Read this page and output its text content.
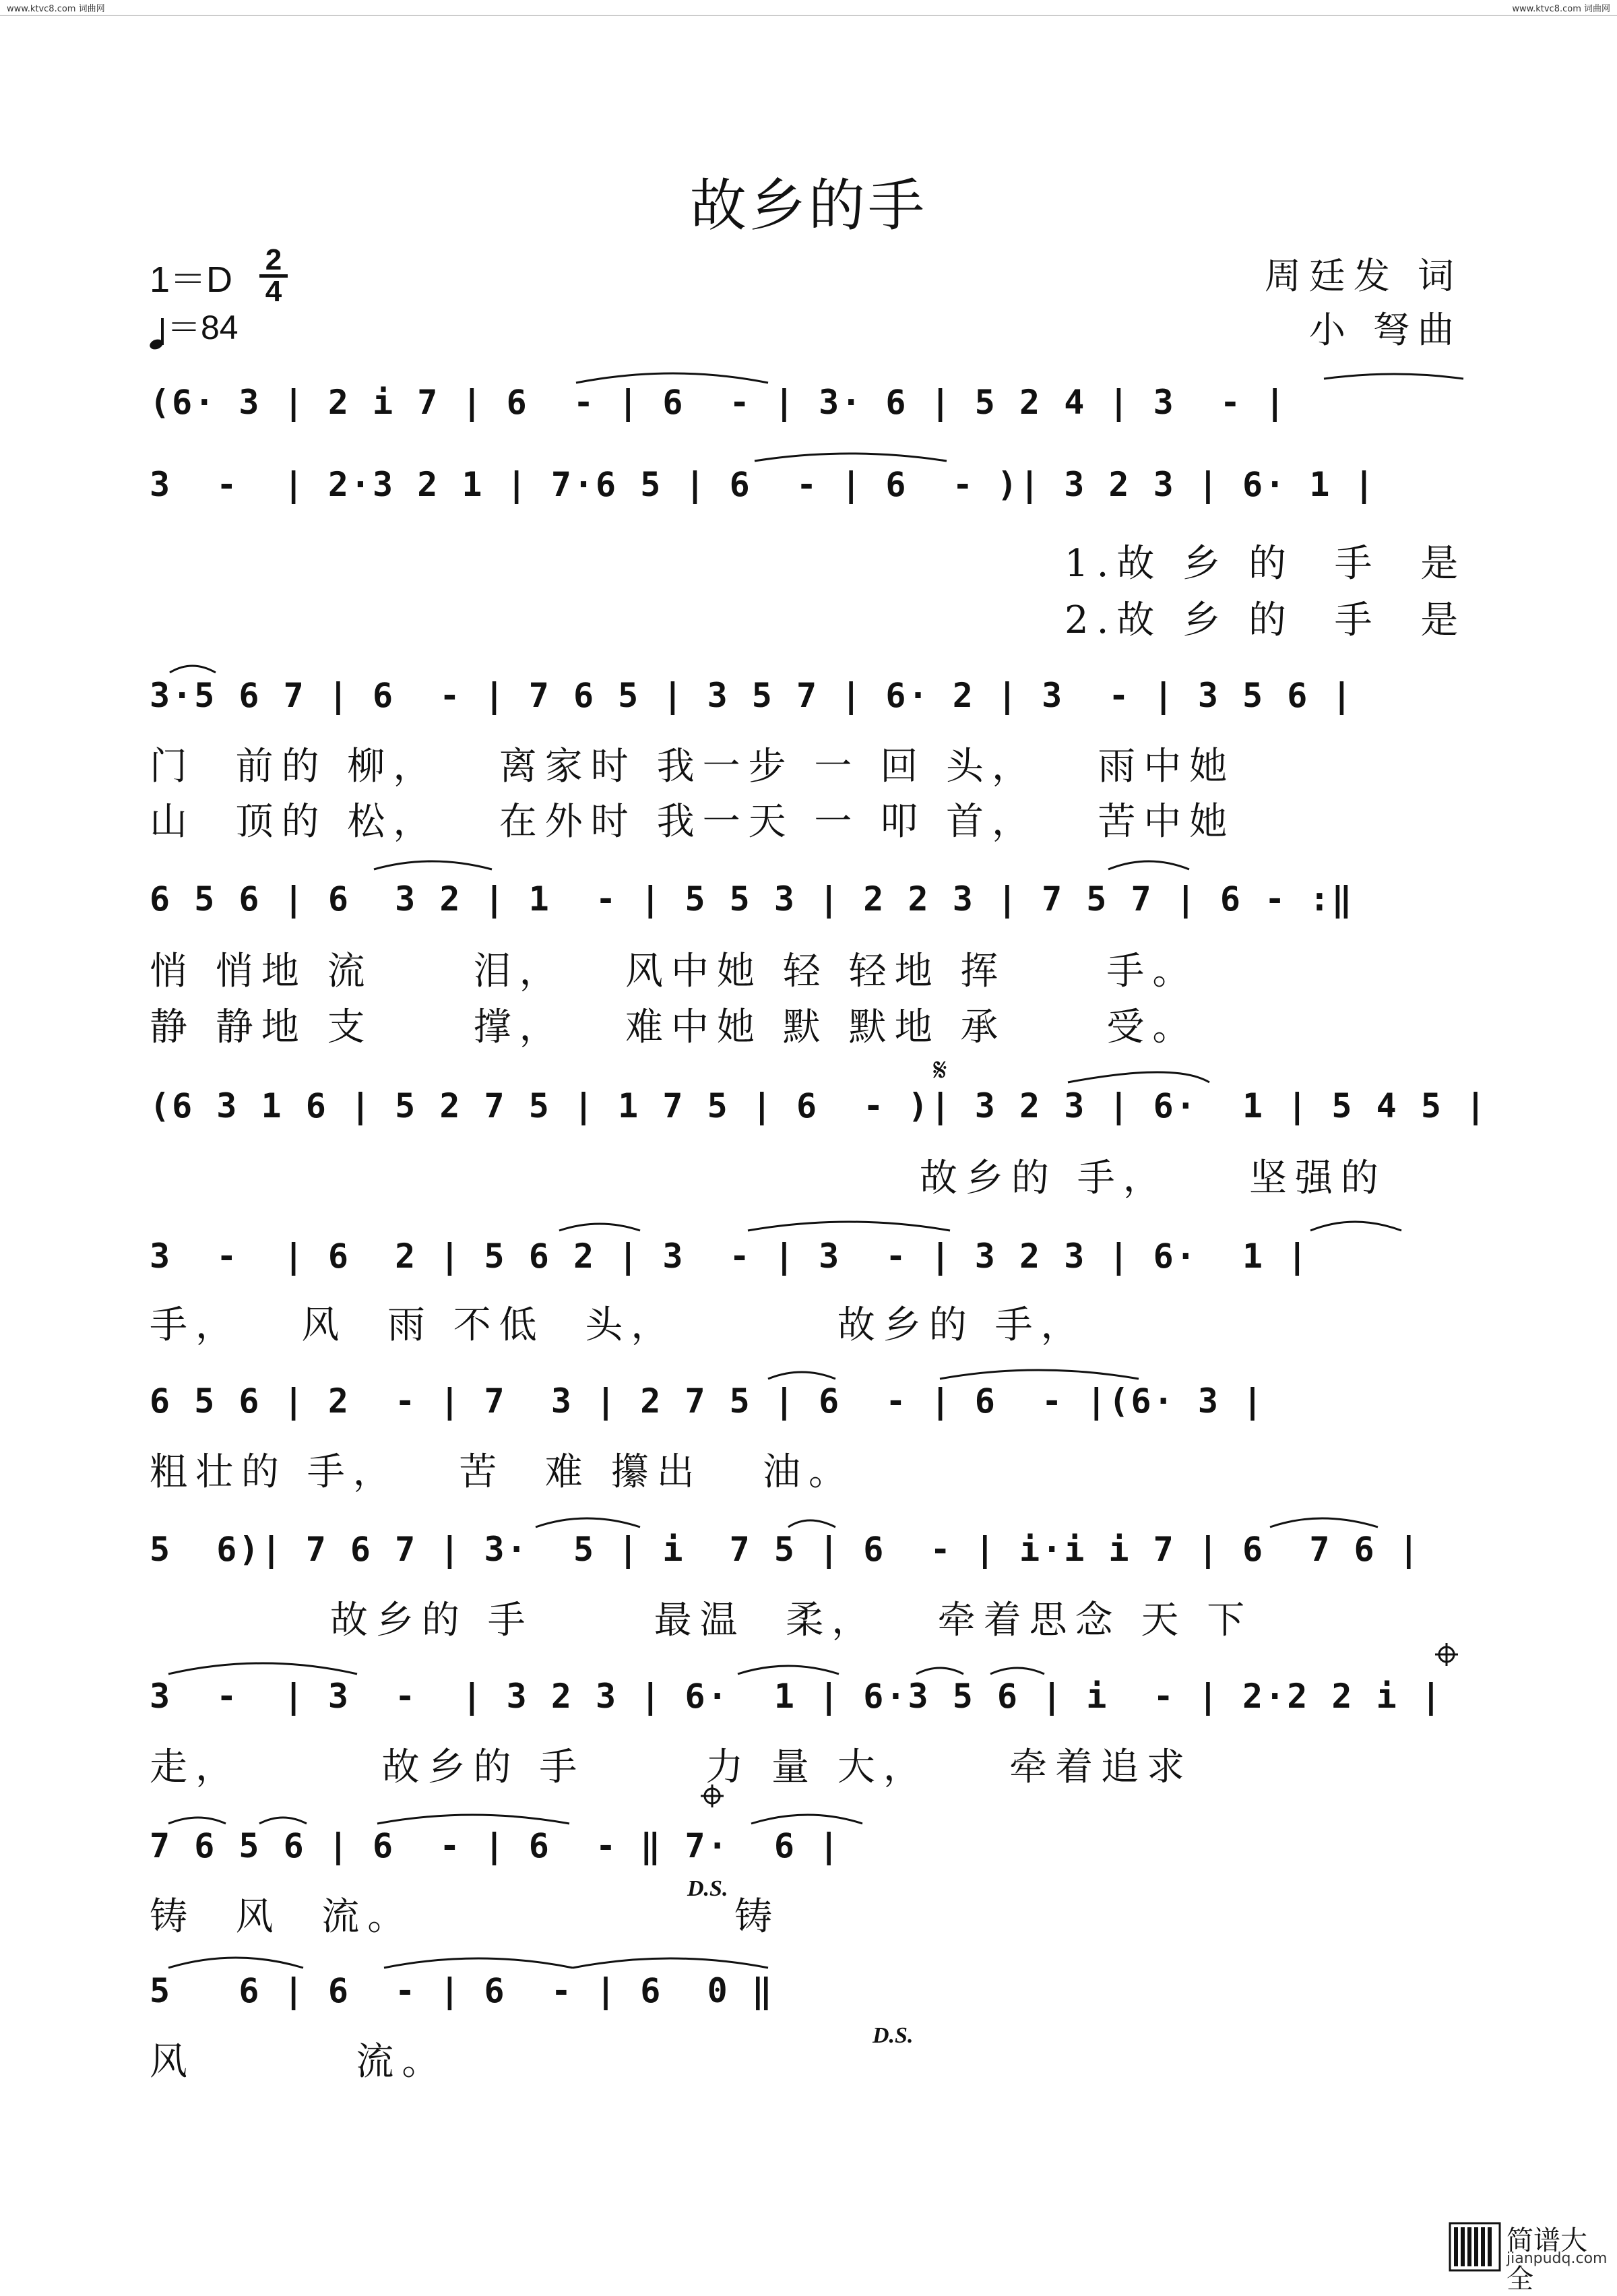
www.ktvc8.com 词曲网	www.ktvc8.com 词曲网
故乡的手
1＝D 2
4
＝84
周廷发 词
小 弩曲
(6· 3 | 2 i 7 | 6  - | 6  - | 3· 6 | 5 2 4 | 3  - |
3  -  | 2·3 2 1 | 7·6 5 | 6  - | 6  - )| 3 2 3 | 6· 1 |
1.故 乡 的  手  是
2.故 乡 的  手  是
3·5 6 7 | 6  - | 7 6 5 | 3 5 7 | 6· 2 | 3  - | 3 5 6 |
门  前的 柳，   离家时 我一步 一 回 头，   雨中她
山  顶的 松，   在外时 我一天 一 叩 首，   苦中她
6 5 6 | 6  3 2 | 1  - | 5 5 3 | 2 2 3 | 7 5 7 | 6 - :‖
悄 悄地 流     泪，   风中她 轻 轻地 挥     手。
静 静地 支     撑，   难中她 默 默地 承     受。
(6 3 1 6 | 5 2 7 5 | 1 7 5 | 6  - )| 3 2 3 | 6·  1 | 5 4 5 |
𝄋
故乡的 手，    坚强的
3  -  | 6  2 | 5 6 2 | 3  - | 3  - | 3 2 3 | 6·  1 |
手，   风  雨 不低  头，        故乡的 手，
6 5 6 | 2  - | 7  3 | 2 7 5 | 6  - | 6  - |(6· 3 |
粗壮的 手，   苦  难 攥出   油。
5  6)| 7 6 7 | 3·  5 | i  7 5 | 6  - | i·i i 7 | 6  7 6 |
故乡的 手      最温  柔，   牵着思念 天 下
3  -  | 3  -  | 3 2 3 | 6·  1 | 6·3 5 6 | i  - | 2·2 2 i |
走，       故乡的 手      力 量 大，    牵着追求
7 6 5 6 | 6  - | 6  - ‖ 7·  6 |
铸  风  流。
D.S.
铸
5   6 | 6  - | 6  - | 6  0 ‖
D.S.
风        流。
简谱大全
jianpudq.com
